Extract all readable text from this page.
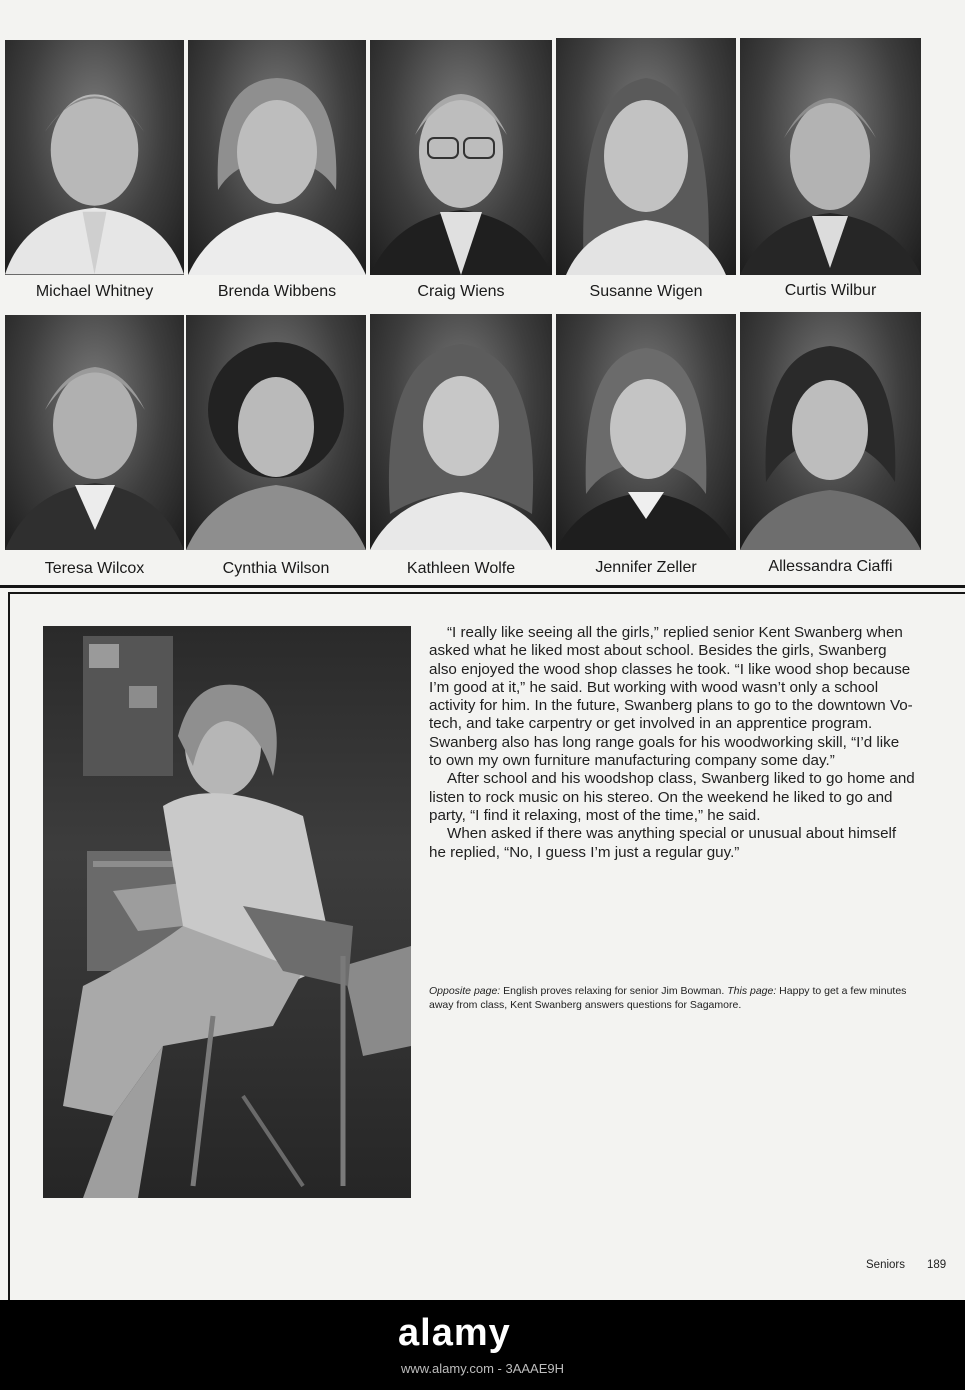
Michael Whitney	Brenda Wibbens	Craig Wiens	Susanne Wigen	Curtis Wilbur
Teresa Wilcox	Cynthia Wilson	Kathleen Wolfe	Jennifer Zeller	Allessandra Ciaffi

“I really like seeing all the girls,” replied senior Kent Swanberg when asked what he liked most about school. Besides the girls, Swanberg also enjoyed the wood shop classes he took. “I like wood shop because I’m good at it,” he said. But working with wood wasn’t only a school activity for him. In the future, Swanberg plans to go to the downtown Vo-tech, and take carpentry or get involved in an apprentice program. Swanberg also has long range goals for his woodworking skill, “I’d like to own my own furniture manufacturing company some day.”

After school and his woodshop class, Swanberg liked to go home and listen to rock music on his stereo. On the weekend he liked to go and party, “I find it relaxing, most of the time,” he said.

When asked if there was anything special or unusual about himself he replied, “No, I guess I’m just a regular guy.”

Opposite page: English proves relaxing for senior Jim Bowman. This page: Happy to get a few minutes away from class, Kent Swanberg answers questions for Sagamore.
Seniors 189
alamy
www.alamy.com - 3AAAE9H
